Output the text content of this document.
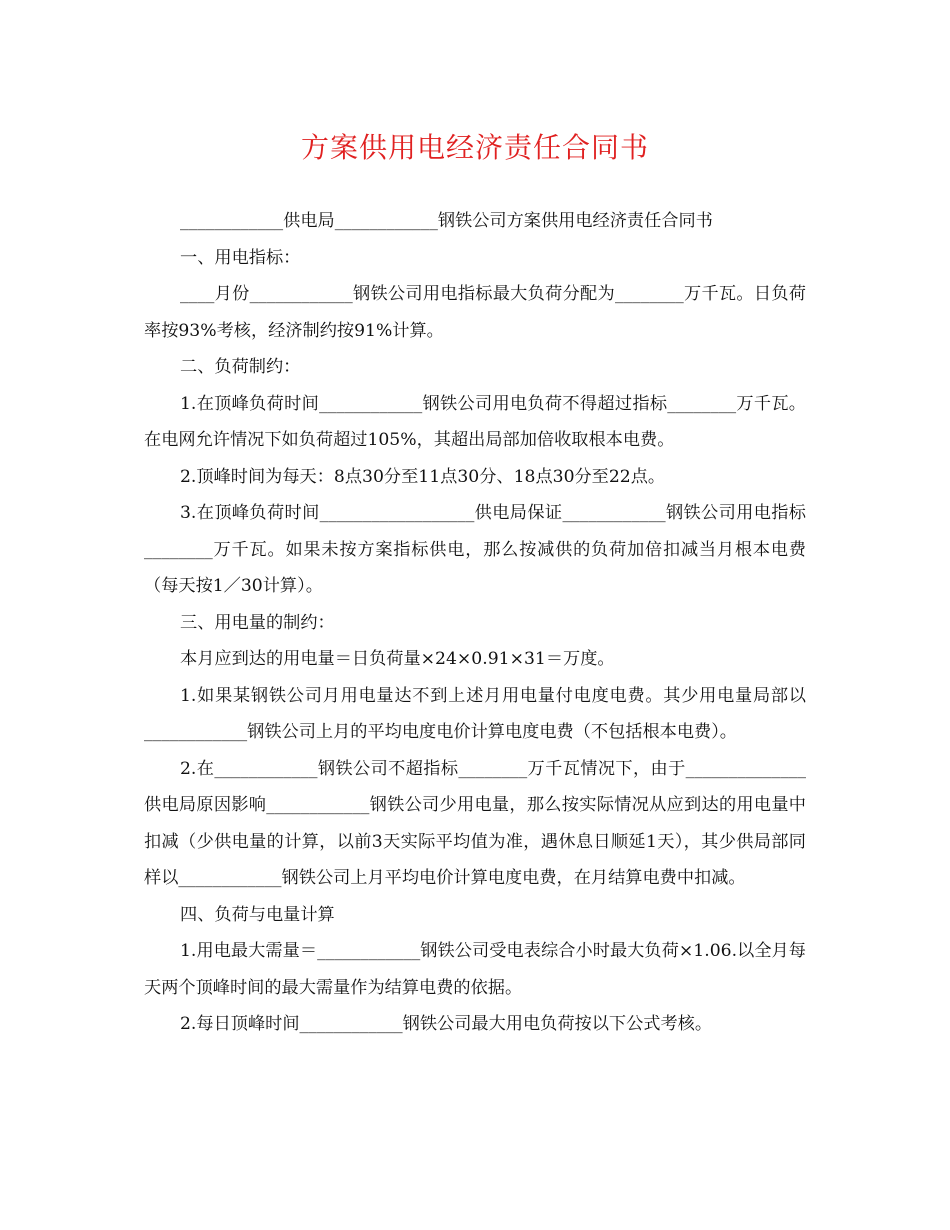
方案供用电经济责任合同书

____________供电局____________钢铁公司方案供用电经济责任合同书

一、用电指标：

____月份____________钢铁公司用电指标最大负荷分配为________万千瓦。日负荷率按93%考核，经济制约按91%计算。

二、负荷制约：

1.在顶峰负荷时间____________钢铁公司用电负荷不得超过指标________万千瓦。在电网允许情况下如负荷超过105%，其超出局部加倍收取根本电费。

2.顶峰时间为每天：8点30分至11点30分、18点30分至22点。

3.在顶峰负荷时间__________________供电局保证____________钢铁公司用电指标________万千瓦。如果未按方案指标供电，那么按减供的负荷加倍扣减当月根本电费（每天按1／30计算）。

三、用电量的制约：

本月应到达的用电量＝日负荷量×24×0.91×31＝万度。

1.如果某钢铁公司月用电量达不到上述月用电量付电度电费。其少用电量局部以____________钢铁公司上月的平均电度电价计算电度电费（不包括根本电费）。

2.在____________钢铁公司不超指标________万千瓦情况下，由于______________供电局原因影响____________钢铁公司少用电量，那么按实际情况从应到达的用电量中扣减（少供电量的计算，以前3天实际平均值为准，遇休息日顺延1天），其少供局部同样以____________钢铁公司上月平均电价计算电度电费，在月结算电费中扣减。

四、负荷与电量计算

1.用电最大需量＝____________钢铁公司受电表综合小时最大负荷×1.06.以全月每天两个顶峰时间的最大需量作为结算电费的依据。

2.每日顶峰时间____________钢铁公司最大用电负荷按以下公式考核。
